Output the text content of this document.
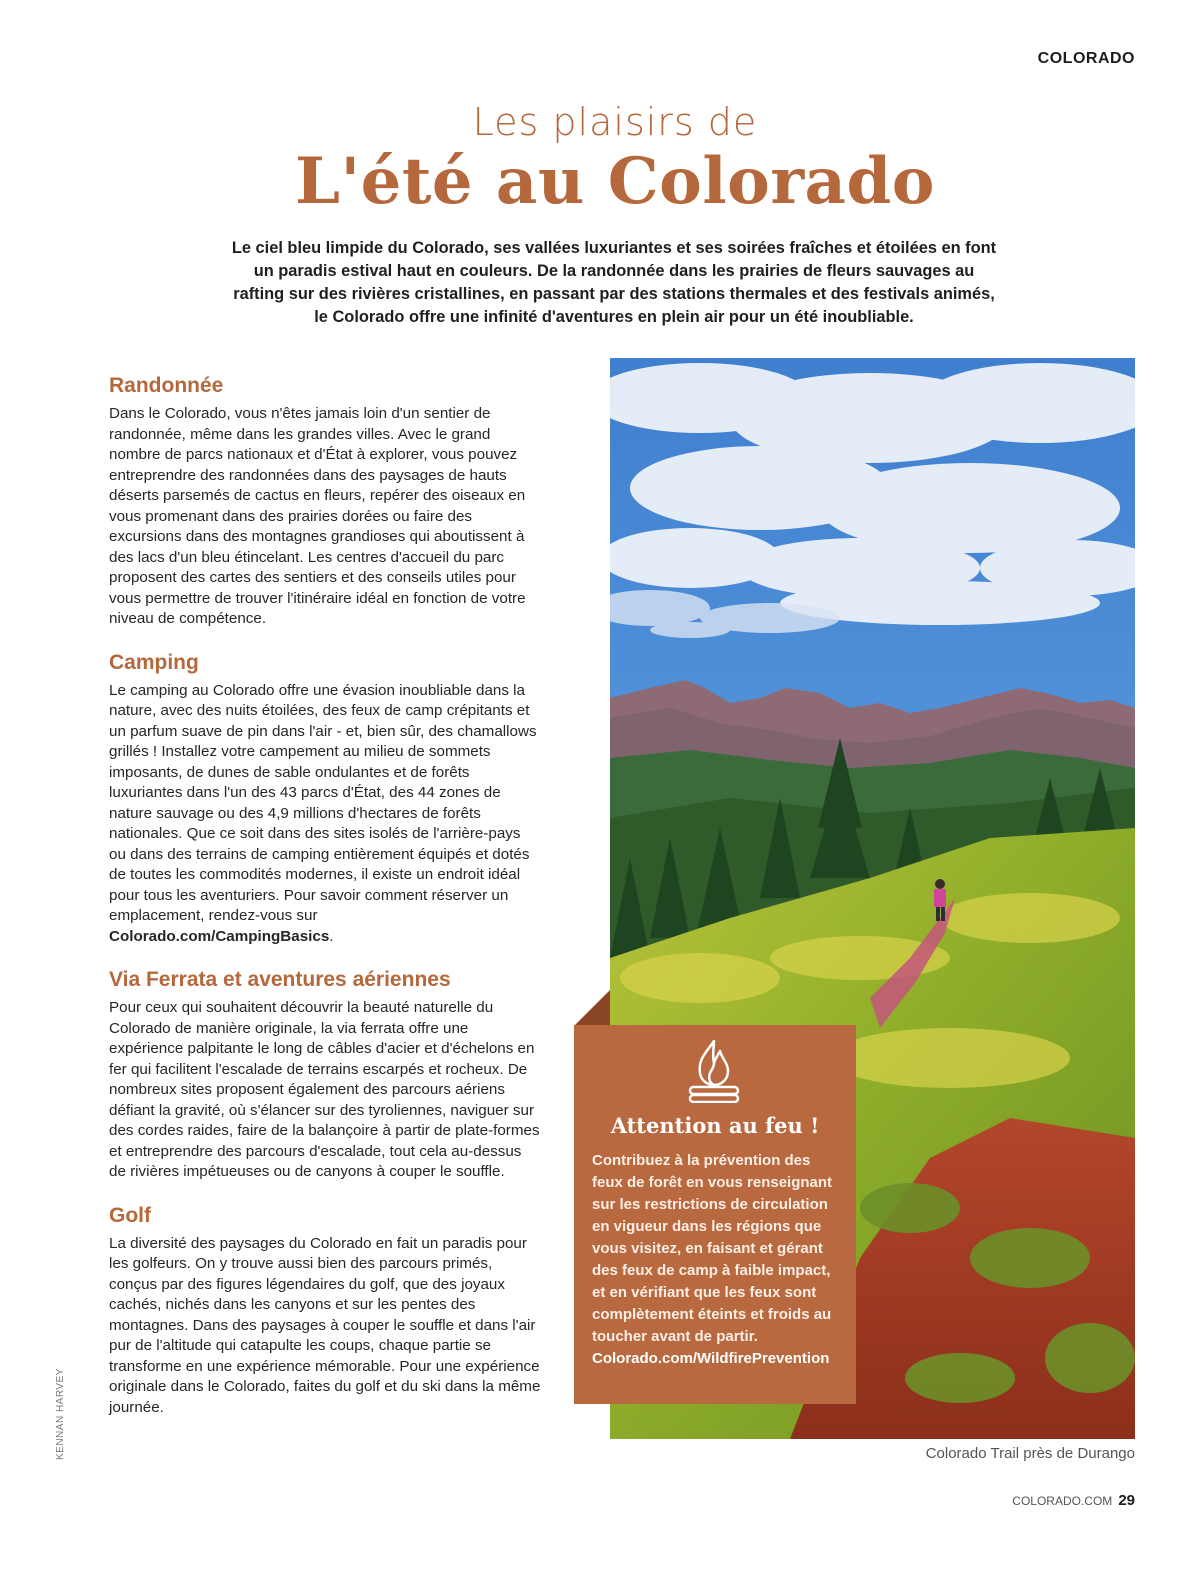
COLORADO
Les plaisirs de
L'été au Colorado
Le ciel bleu limpide du Colorado, ses vallées luxuriantes et ses soirées fraîches et étoilées en font un paradis estival haut en couleurs. De la randonnée dans les prairies de fleurs sauvages au rafting sur des rivières cristallines, en passant par des stations thermales et des festivals animés, le Colorado offre une infinité d'aventures en plein air pour un été inoubliable.
Randonnée

Dans le Colorado, vous n'êtes jamais loin d'un sentier de randonnée, même dans les grandes villes. Avec le grand nombre de parcs nationaux et d'État à explorer, vous pouvez entreprendre des randonnées dans des paysages de hauts déserts parsemés de cactus en fleurs, repérer des oiseaux en vous promenant dans des prairies dorées ou faire des excursions dans des montagnes grandioses qui aboutissent à des lacs d'un bleu étincelant. Les centres d'accueil du parc proposent des cartes des sentiers et des conseils utiles pour vous permettre de trouver l'itinéraire idéal en fonction de votre niveau de compétence.

Camping

Le camping au Colorado offre une évasion inoubliable dans la nature, avec des nuits étoilées, des feux de camp crépitants et un parfum suave de pin dans l'air - et, bien sûr, des chamallows grillés ! Installez votre campement au milieu de sommets imposants, de dunes de sable ondulantes et de forêts luxuriantes dans l'un des 43 parcs d'État, des 44 zones de nature sauvage ou des 4,9 millions d'hectares de forêts nationales. Que ce soit dans des sites isolés de l'arrière-pays ou dans des terrains de camping entièrement équipés et dotés de toutes les commodités modernes, il existe un endroit idéal pour tous les aventuriers. Pour savoir comment réserver un emplacement, rendez-vous sur Colorado.com/CampingBasics.

Via Ferrata et aventures aériennes

Pour ceux qui souhaitent découvrir la beauté naturelle du Colorado de manière originale, la via ferrata offre une expérience palpitante le long de câbles d'acier et d'échelons en fer qui facilitent l'escalade de terrains escarpés et rocheux. De nombreux sites proposent également des parcours aériens défiant la gravité, où s'élancer sur des tyroliennes, naviguer sur des cordes raides, faire de la balançoire à partir de plate-formes et entreprendre des parcours d'escalade, tout cela au-dessus de rivières impétueuses ou de canyons à couper le souffle.

Golf

La diversité des paysages du Colorado en fait un paradis pour les golfeurs. On y trouve aussi bien des parcours primés, conçus par des figures légendaires du golf, que des joyaux cachés, nichés dans les canyons et sur les pentes des montagnes. Dans des paysages à couper le souffle et dans l'air pur de l'altitude qui catapulte les coups, chaque partie se transforme en une expérience mémorable. Pour une expérience originale dans le Colorado, faites du golf et du ski dans la même journée.

Attention au feu !
Contribuez à la prévention des feux de forêt en vous renseignant sur les restrictions de circulation en vigueur dans les régions que vous visitez, en faisant et gérant des feux de camp à faible impact, et en vérifiant que les feux sont complètement éteints et froids au toucher avant de partir. Colorado.com/WildfirePrevention
Colorado Trail près de Durango
KENNAN HARVEY
COLORADO.COM 29
